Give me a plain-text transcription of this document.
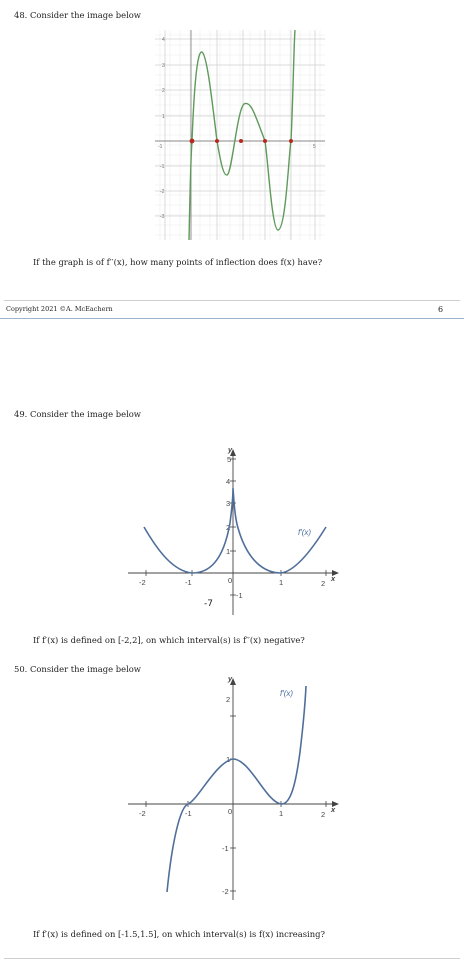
48. Consider the image below
4
3
2
1
-1
-2
-3
-1	5
If the graph is of f′′(x), how many points of inflection does f(x) have?
Copyright 2021 ©A. McEachern	6
49. Consider the image below
-2	-1	0	1	2
5
4
3
2
1
-1
x
y
f′(x)
-7
If f′(x) is defined on [-2,2], on which interval(s) is f′′(x) negative?
50. Consider the image below
-2	-1	0	1	2
2
1
-1
-2
x
y
f′(x)
If f′(x) is defined on [-1.5,1.5], on which interval(s) is f(x) increasing?
